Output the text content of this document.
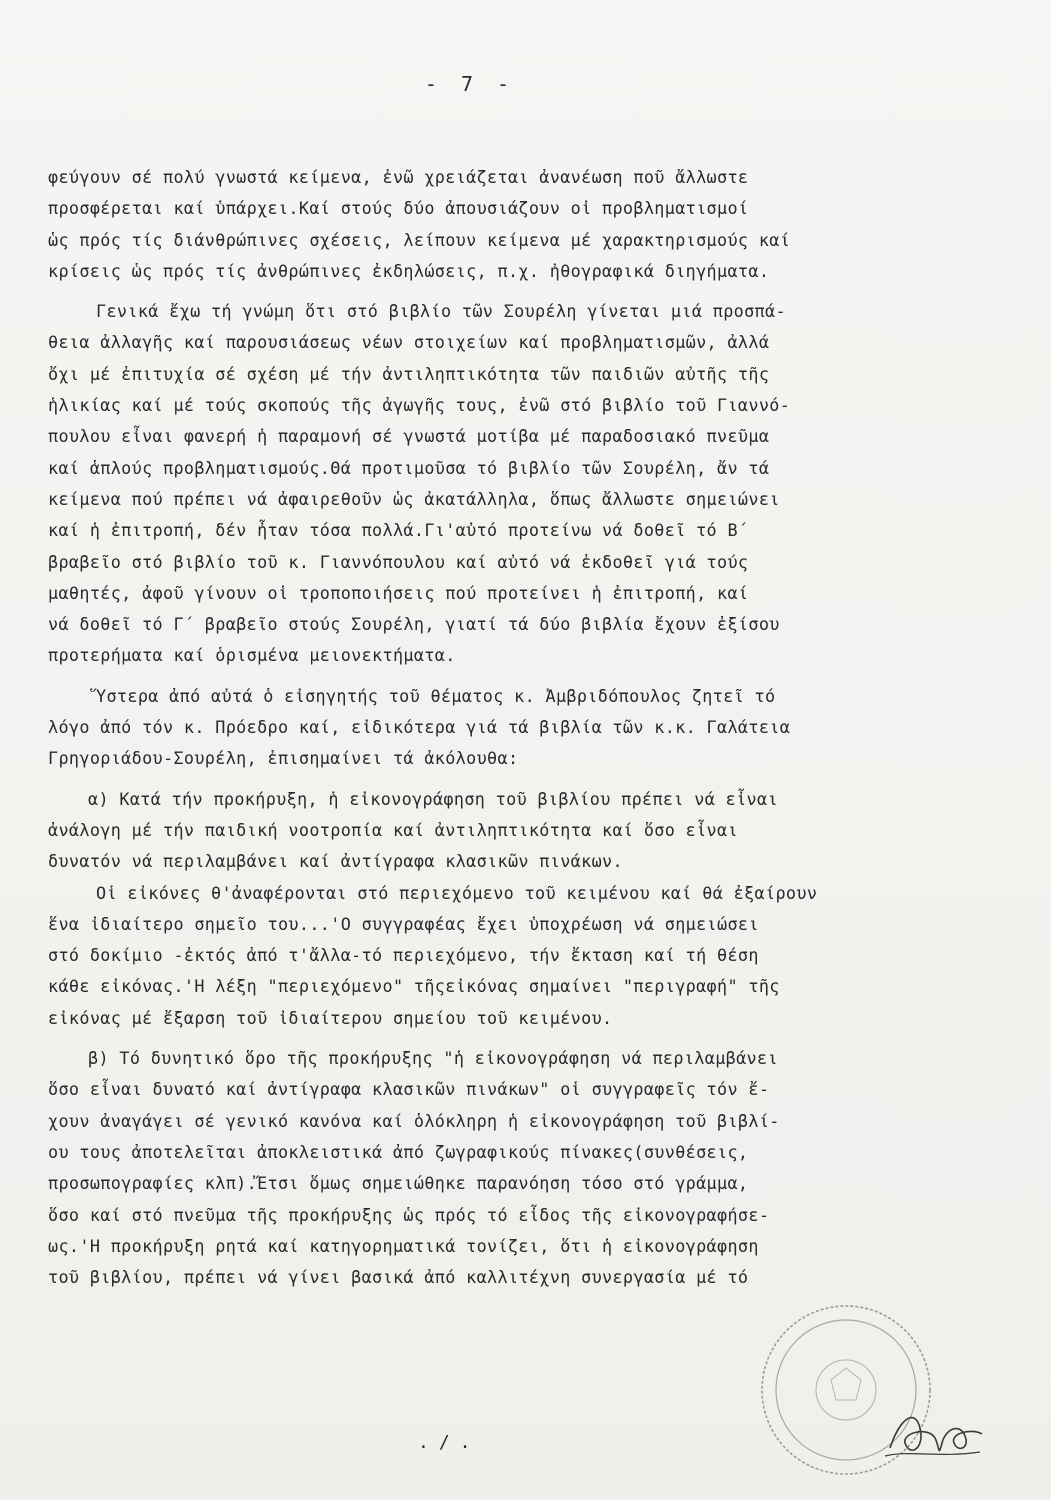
- 7 -
φεύγουν σέ πολύ γνωστά κείμενα, ἐνῶ χρειάζεται ἀνανέωση ποῦ ἄλλωστε
προσφέρεται καί ὑπάρχει.Καί στούς δύο ἀπουσιάζουν οἱ προβληματισμοί
ὡς πρός τίς διάνθρώπινες σχέσεις, λείπουν κείμενα μέ χαρακτηρισμούς καί
κρίσεις ὡς πρός τίς ἀνθρώπινες ἐκδηλώσεις, π.χ. ἠθογραφικά διηγήματα.
Γενικά ἔχω τή γνώμη ὅτι στό βιβλίο τῶν Σουρέλη γίνεται μιά προσπά-
θεια ἀλλαγῆς καί παρουσιάσεως νέων στοιχείων καί προβληματισμῶν, ἀλλά
ὄχι μέ ἐπιτυχία σέ σχέση μέ τήν ἀντιληπτικότητα τῶν παιδιῶν αὐτῆς τῆς
ἡλικίας καί μέ τούς σκοπούς τῆς ἀγωγῆς τους, ἐνῶ στό βιβλίο τοῦ Γιαννό-
πουλου εἶναι φανερή ἡ παραμονή σέ γνωστά μοτίβα μέ παραδοσιακό πνεῦμα
καί ἁπλούς προβληματισμούς.Θά προτιμοῦσα τό βιβλίο τῶν Σουρέλη, ἄν τά
κείμενα πού πρέπει νά ἀφαιρεθοῦν ὡς ἀκατάλληλα, ὅπως ἄλλωστε σημειώνει
καί ἡ ἐπιτροπή, δέν ἦταν τόσα πολλά.Γι'αὐτό προτείνω νά δοθεῖ τό Β΄
βραβεῖο στό βιβλίο τοῦ κ. Γιαννόπουλου καί αὐτό νά ἐκδοθεῖ γιά τούς
μαθητές, ἀφοῦ γίνουν οἱ τροποποιήσεις πού προτείνει ἡ ἐπιτροπή, καί
νά δοθεῖ τό Γ΄ βραβεῖο στούς Σουρέλη, γιατί τά δύο βιβλία ἔχουν ἐξίσου
προτερήματα καί ὁρισμένα μειονεκτήματα.
Ὕστερα ἀπό αὐτά ὁ εἰσηγητής τοῦ θέματος κ. Ἀμβριδόπουλος ζητεῖ τό
λόγο ἀπό τόν κ. Πρόεδρο καί, εἰδικότερα γιά τά βιβλία τῶν κ.κ. Γαλάτεια
Γρηγοριάδου-Σουρέλη, ἐπισημαίνει τά ἀκόλουθα:
α) Κατά τήν προκήρυξη, ἡ εἰκονογράφηση τοῦ βιβλίου πρέπει νά εἶναι
ἀνάλογη μέ τήν παιδική νοοτροπία καί ἀντιληπτικότητα καί ὅσο εἶναι
δυνατόν νά περιλαμβάνει καί ἀντίγραφα κλασικῶν πινάκων.
Οἱ εἰκόνες θ'ἀναφέρονται στό περιεχόμενο τοῦ κειμένου καί θά ἐξαίρουν
ἕνα ἰδιαίτερο σημεῖο του...'Ο συγγραφέας ἔχει ὑποχρέωση νά σημειώσει
στό δοκίμιο -ἐκτός ἀπό τ'ἄλλα-τό περιεχόμενο, τήν ἔκταση καί τή θέση
κάθε εἰκόνας.'Η λέξη "περιεχόμενο" τῆςεἰκόνας σημαίνει "περιγραφή" τῆς
εἰκόνας μέ ἔξαρση τοῦ ἰδιαίτερου σημείου τοῦ κειμένου.
β) Τό δυνητικό ὅρο τῆς προκήρυξης "ἡ εἰκονογράφηση νά περιλαμβάνει
ὅσο εἶναι δυνατό καί ἀντίγραφα κλασικῶν πινάκων" οἱ συγγραφεῖς τόν ἔ-
χουν ἀναγάγει σέ γενικό κανόνα καί ὁλόκληρη ἡ εἰκονογράφηση τοῦ βιβλί-
ου τους ἀποτελεῖται ἀποκλειστικά ἀπό ζωγραφικούς πίνακες(συνθέσεις,
προσωπογραφίες κλπ).Ἔτσι ὅμως σημειώθηκε παρανόηση τόσο στό γράμμα,
ὅσο καί στό πνεῦμα τῆς προκήρυξης ὡς πρός τό εἶδος τῆς εἰκονογραφήσε-
ως.'Η προκήρυξη ρητά καί κατηγορηματικά τονίζει, ὅτι ἡ εἰκονογράφηση
τοῦ βιβλίου, πρέπει νά γίνει βασικά ἀπό καλλιτέχνη συνεργασία μέ τό
./.
